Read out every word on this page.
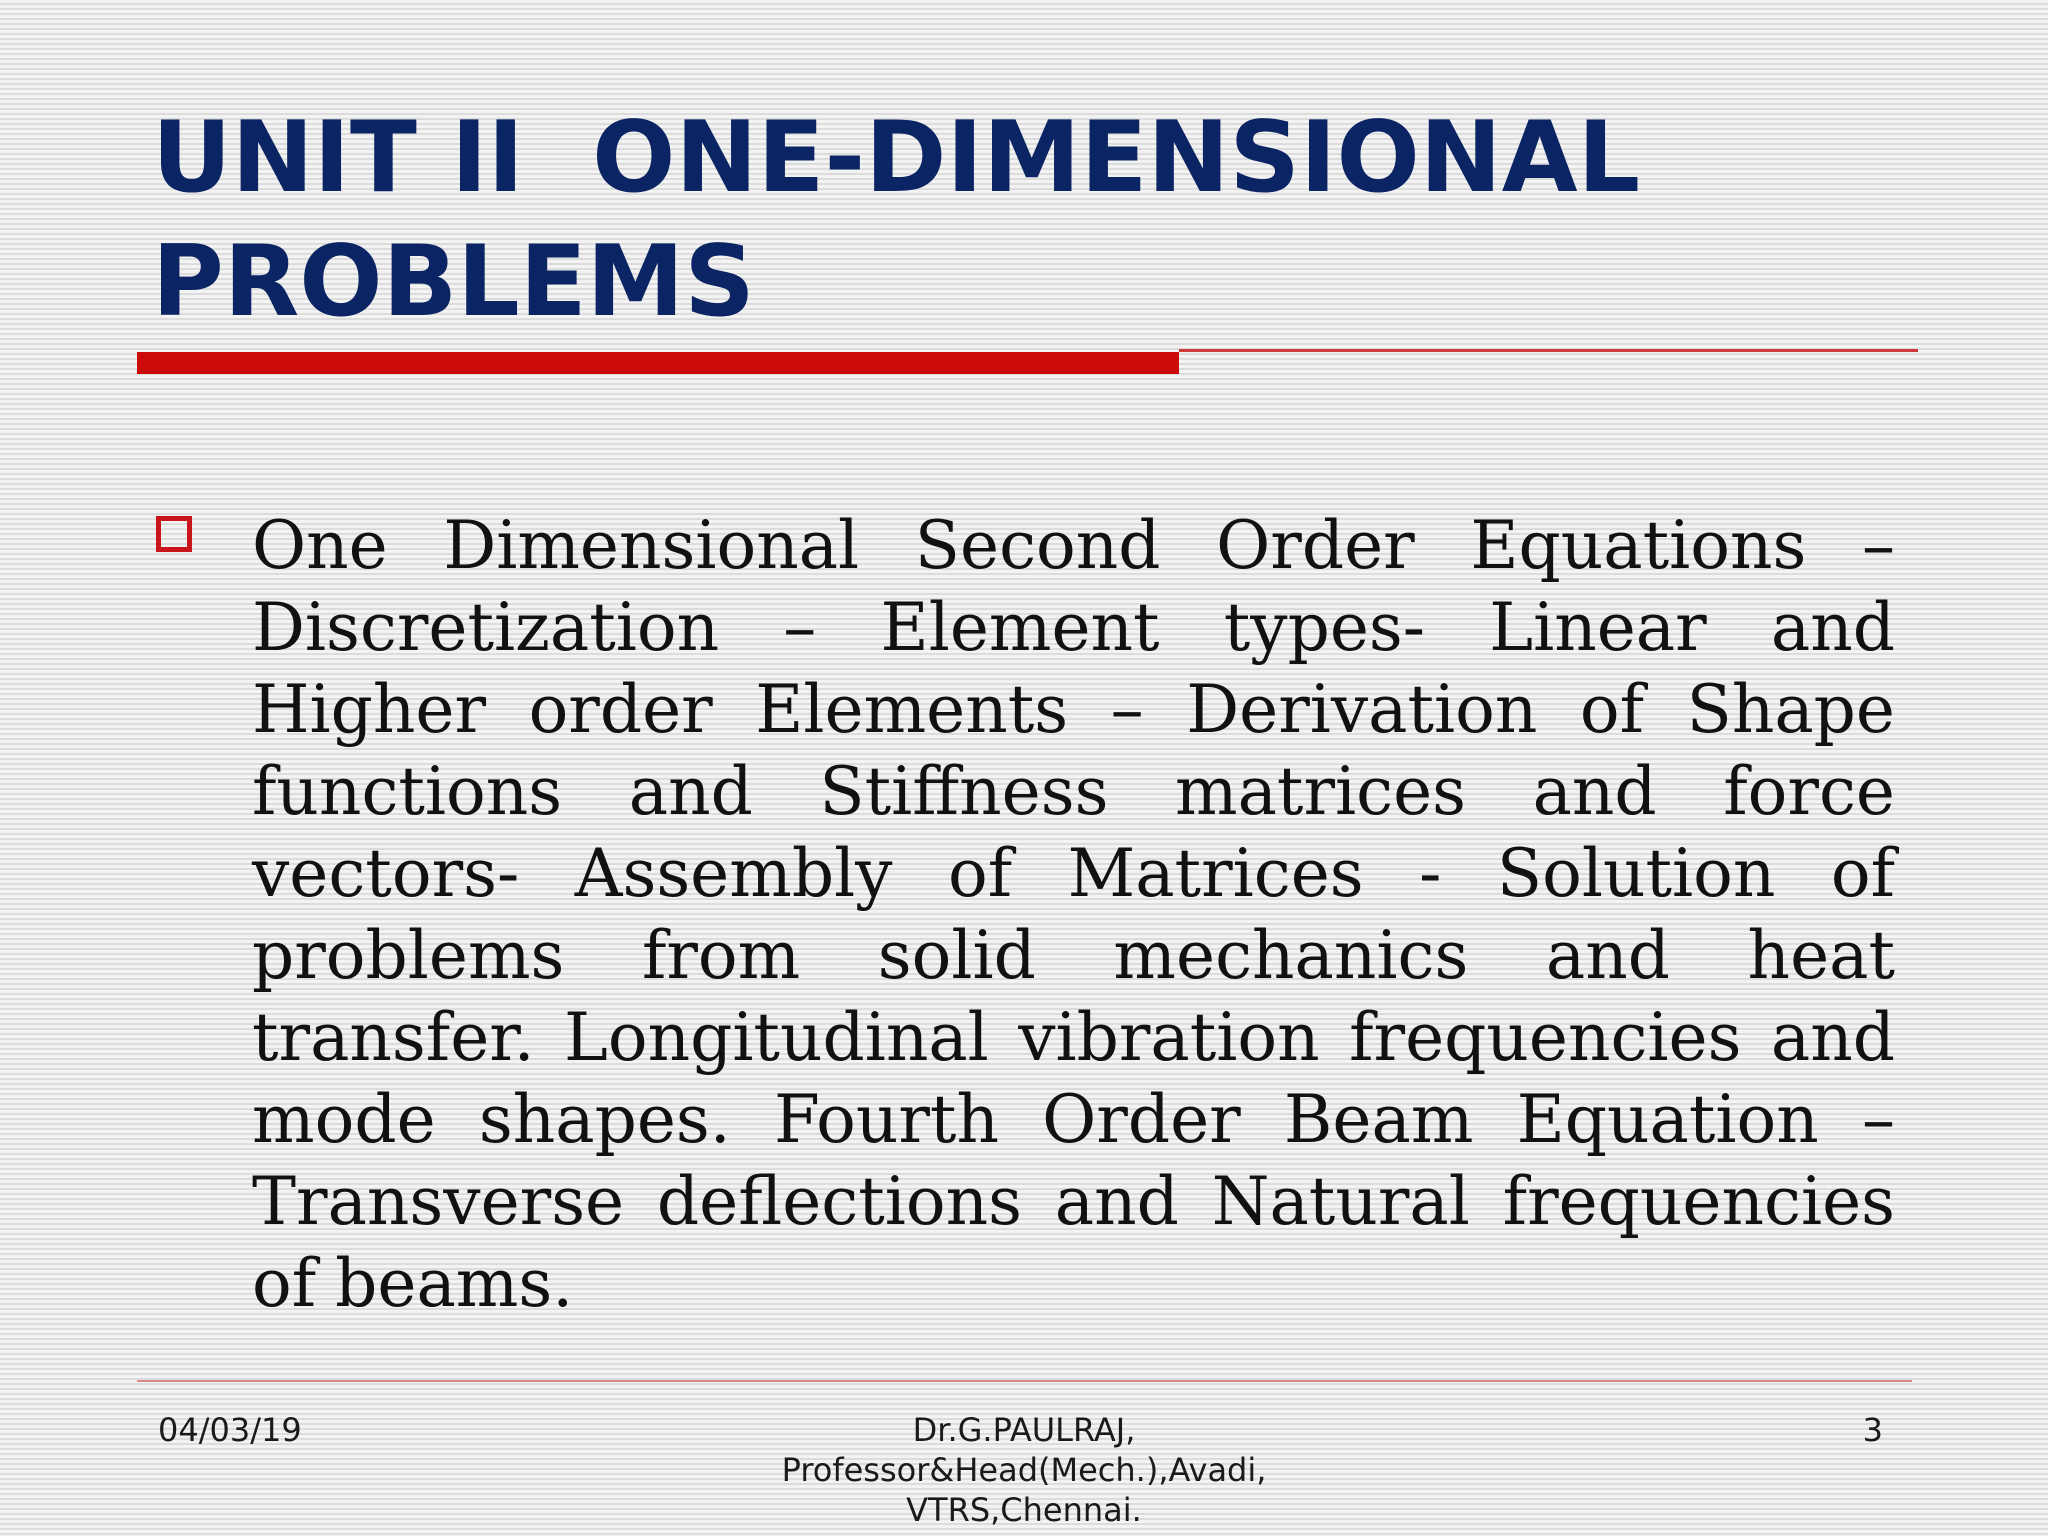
UNIT II  ONE-DIMENSIONAL
PROBLEMS

One Dimensional Second Order Equations – Discretization – Element types- Linear and Higher order Elements – Derivation of Shape functions and Stiffness matrices and force vectors- Assembly of Matrices - Solution of problems from solid mechanics and heat transfer. Longitudinal vibration frequencies and mode shapes. Fourth Order Beam Equation – Transverse deflections and Natural frequencies of beams.

04/03/19	Dr.G.PAULRAJ,
Professor&Head(Mech.),Avadi,
VTRS,Chennai.
3
